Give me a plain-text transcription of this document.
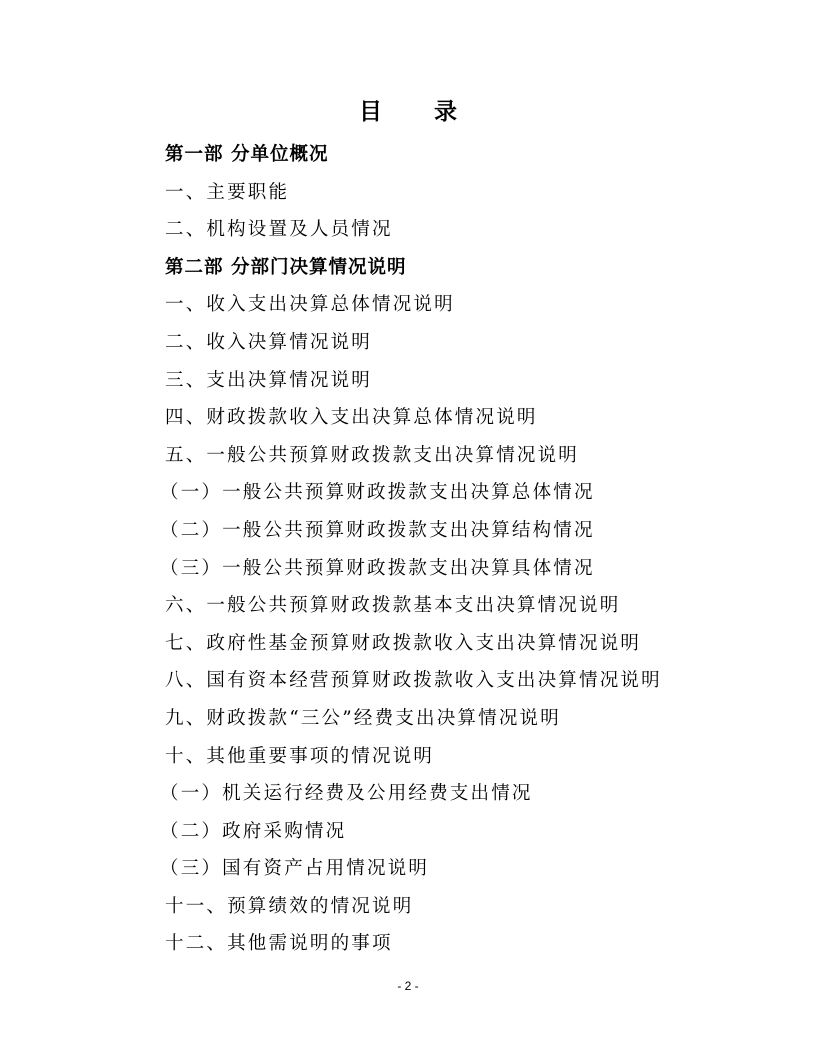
目 录
第一部 分单位概况
一、主要职能
二、机构设置及人员情况
第二部 分部门决算情况说明
一、收入支出决算总体情况说明
二、收入决算情况说明
三、支出决算情况说明
四、财政拨款收入支出决算总体情况说明
五、一般公共预算财政拨款支出决算情况说明
（一）一般公共预算财政拨款支出决算总体情况
（二）一般公共预算财政拨款支出决算结构情况
（三）一般公共预算财政拨款支出决算具体情况
六、一般公共预算财政拨款基本支出决算情况说明
七、政府性基金预算财政拨款收入支出决算情况说明
八、国有资本经营预算财政拨款收入支出决算情况说明
九、财政拨款“三公”经费支出决算情况说明
十、其他重要事项的情况说明
（一）机关运行经费及公用经费支出情况
（二）政府采购情况
（三）国有资产占用情况说明
十一、预算绩效的情况说明
十二、其他需说明的事项
- 2 -
